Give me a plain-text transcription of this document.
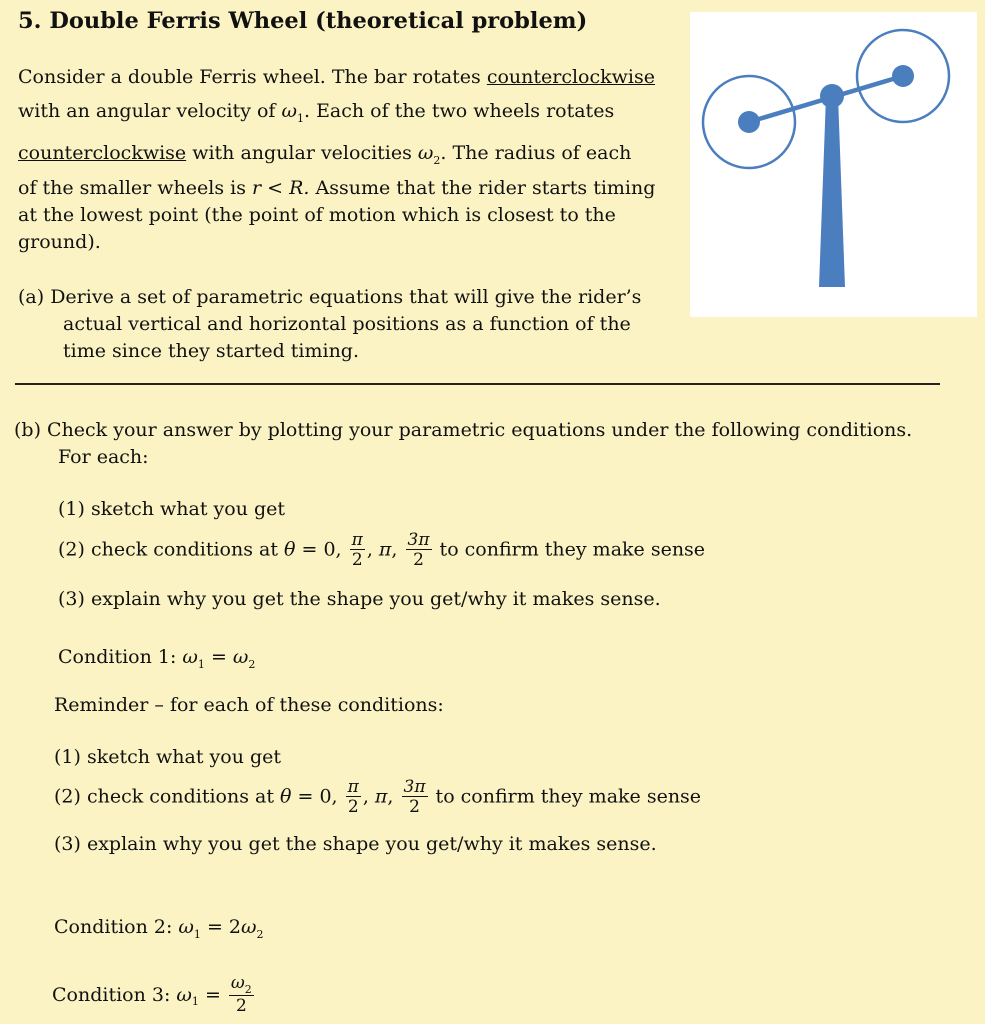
5. Double Ferris Wheel (theoretical problem)
Consider a double Ferris wheel. The bar rotates counterclockwise
with an angular velocity of $\omega_1$. Each of the two wheels rotates
counterclockwise with angular velocities $\omega_2$. The radius of each
of the smaller wheels is r < R. Assume that the rider starts timing
at the lowest point (the point of motion which is closest to the
ground).
(a) Derive a set of parametric equations that will give the rider’s
actual vertical and horizontal positions as a function of the
time since they started timing.
(b) Check your answer by plotting your parametric equations under the following conditions.
For each:
(1) sketch what you get
(2) check conditions at θ = 0, $\frac{\pi}{2}$ , π, $\frac{3\pi}{2}$ to confirm they make sense
(3) explain why you get the shape you get/why it makes sense.
Condition 1: $\omega_1 = \omega_2$
Reminder – for each of these conditions:
(1) sketch what you get
(2) check conditions at θ = 0, $\frac{\pi}{2}$ , π, $\frac{3\pi}{2}$ to confirm they make sense
(3) explain why you get the shape you get/why it makes sense.
Condition 2: $\omega_1 = 2\omega_2$
Condition 3: $\omega_1 = \frac{\omega_2}{2}$
